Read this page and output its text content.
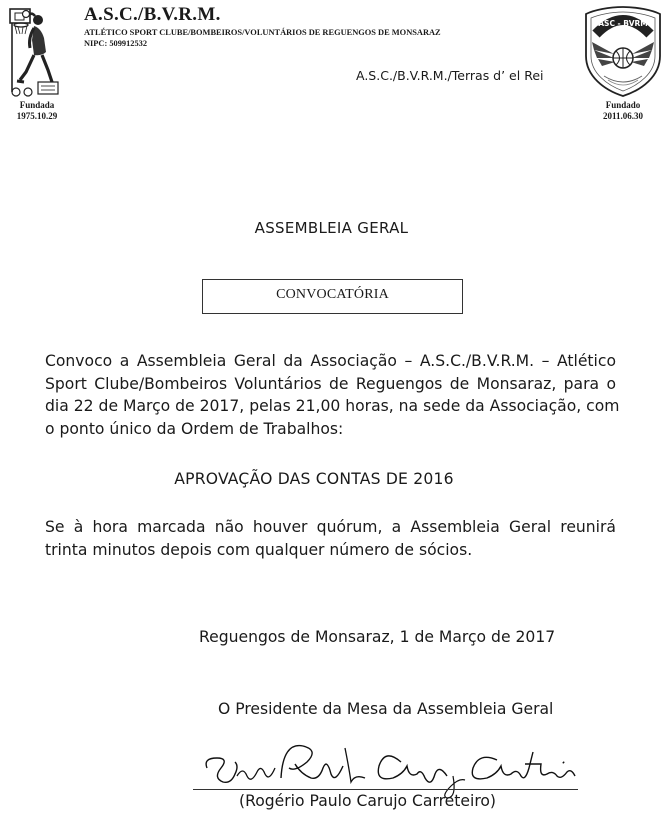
Fundada
1975.10.29
A.S.C./B.V.R.M.
ATLÉTICO SPORT CLUBE/BOMBEIROS/VOLUNTÁRIOS DE REGUENGOS DE MONSARAZ
NIPC: 509912532
A.S.C./B.V.R.M./Terras d’ el Rei
ASC - BVRM
Fundado
2011.06.30
ASSEMBLEIA GERAL
CONVOCATÓRIA
Convoco a Assembleia Geral da Associação – A.S.C./B.V.R.M. – Atlético
Sport Clube/Bombeiros Voluntários de Reguengos de Monsaraz, para o
dia 22 de Março de 2017, pelas 21,00 horas, na sede da Associação, com
o ponto único da Ordem de Trabalhos:
APROVAÇÃO DAS CONTAS DE 2016
Se à hora marcada não houver quórum, a Assembleia Geral reunirá
trinta minutos depois com qualquer número de sócios.
Reguengos de Monsaraz, 1 de Março de 2017
O Presidente da Mesa da Assembleia Geral
(Rogério Paulo Carujo Carreteiro)
